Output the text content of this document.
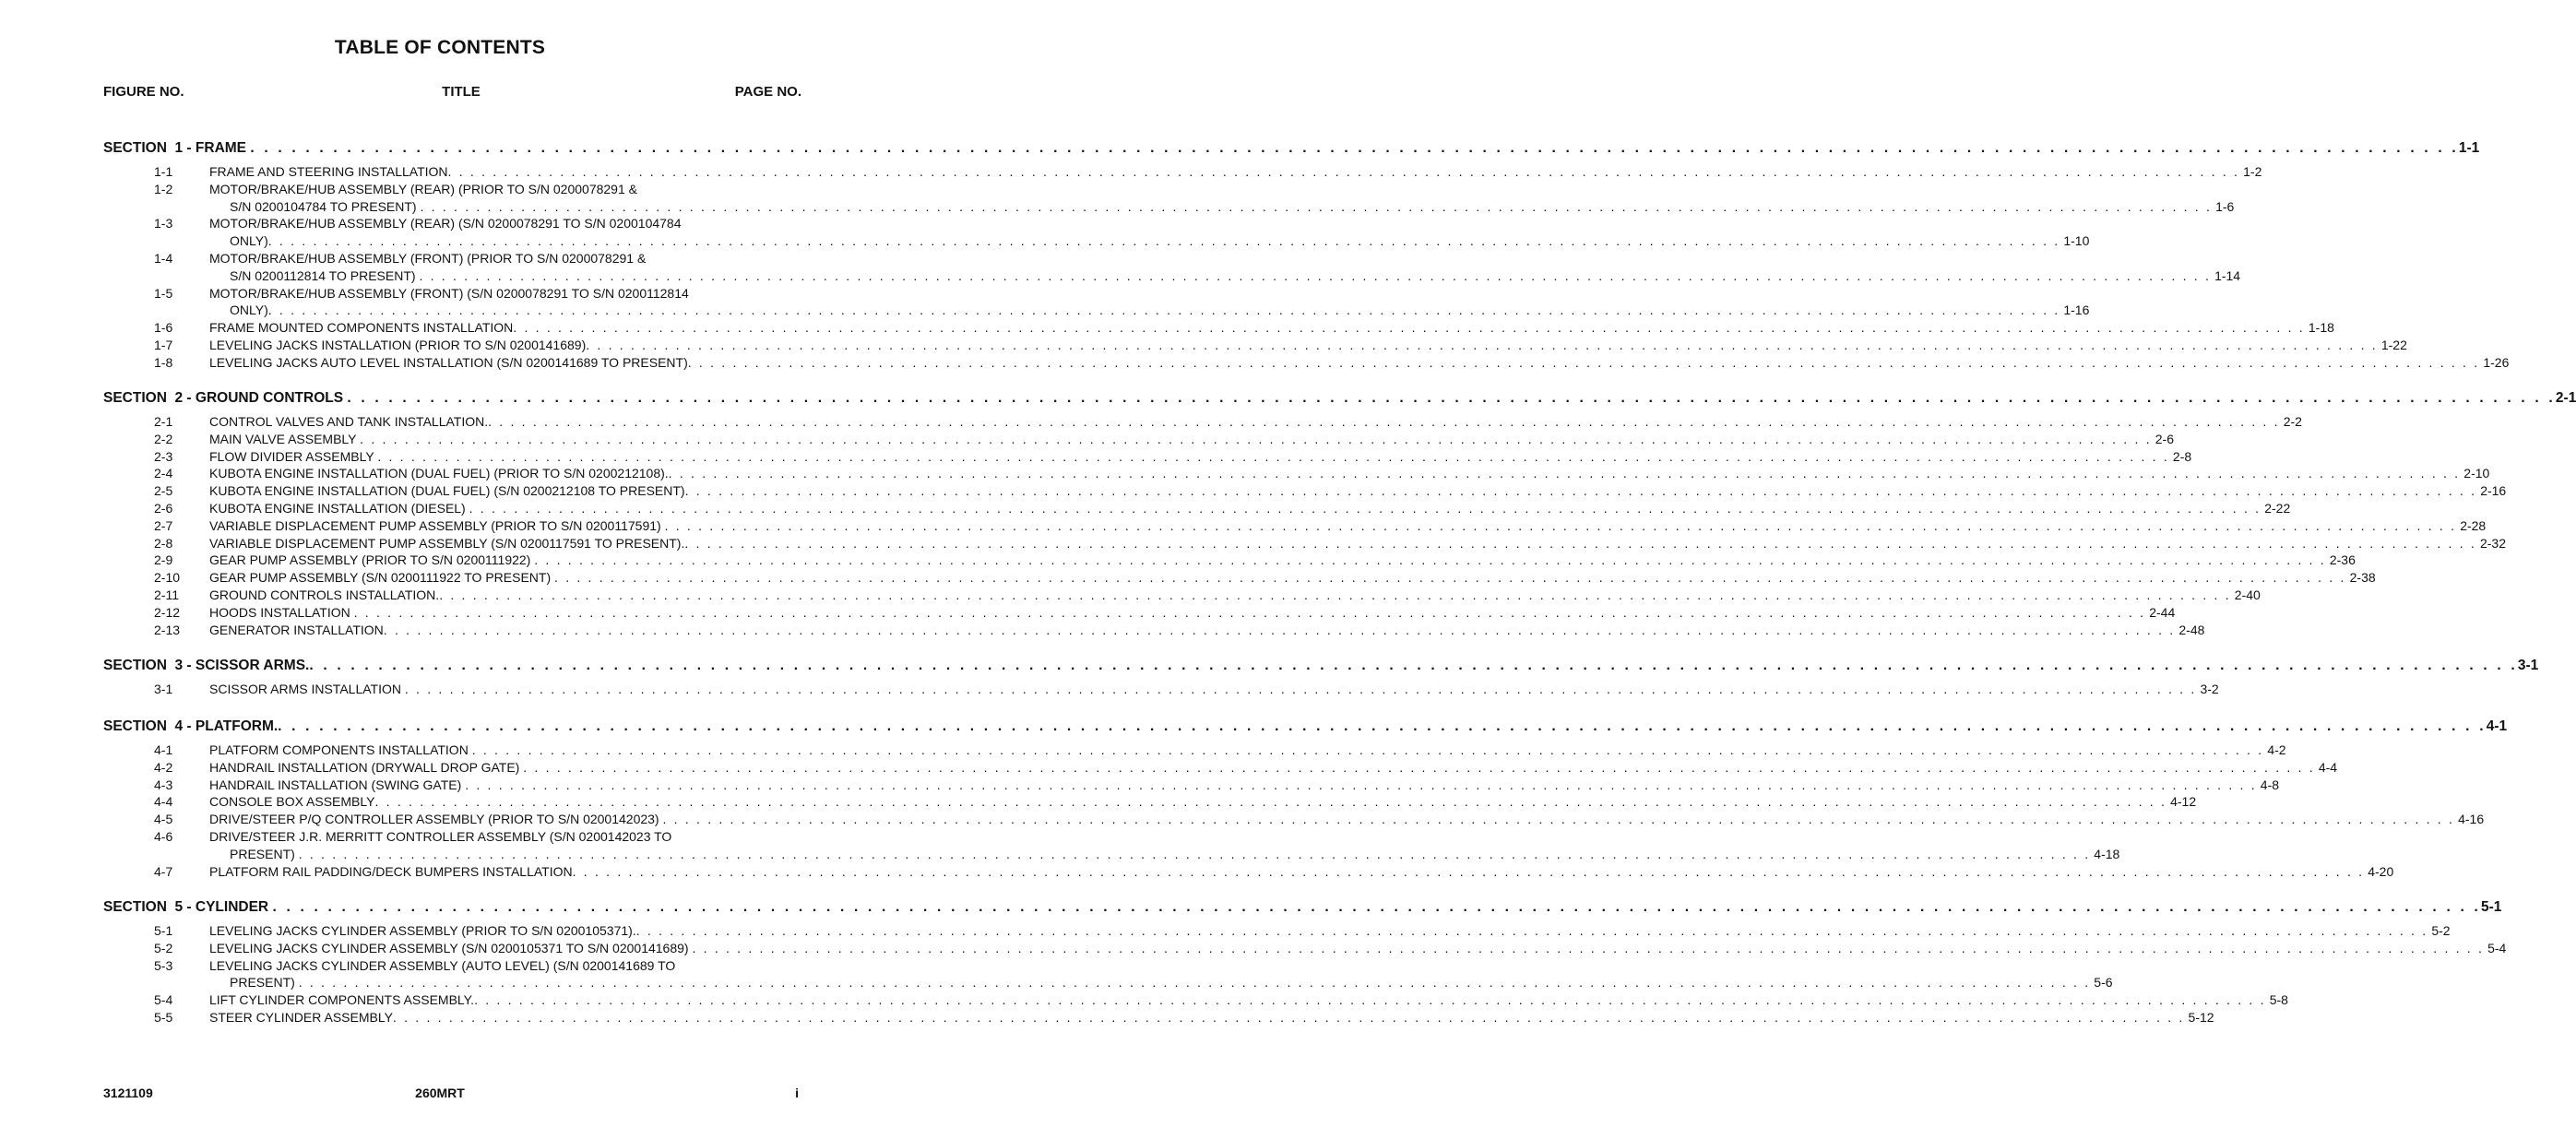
TABLE OF CONTENTS
FIGURE NO.	TITLE	PAGE NO.
SECTION  1 - FRAME . . . . . . . . . . . . . . . . . . . . . . . . . . . . . . . . . . . . . . . . . . . . . . . . . . . . . . . . . . . . . . . . . . . . . . . . . . . . . . . . . . . . . . . . . . . . . . . . . . . . . . . . . . . . . . . . . . . . . . . . . . . . . . . . . . . . . . . . . . . . . . . . . . . . . . . . . . . . . . . . 1-1
1-1	FRAME AND STEERING INSTALLATION . . . . . . . . . . . . . . . . . . . . . . . . . . . . . . . . . . . . . . . . . . . . . . . . . . . . . . . . . . . . . . . . . . . . . . . . . . . . . . . . . . . . . . . . . . . . . . . . . . . . . . . . . . . . . . . . . . . . . . . . . . . . . . . . . . . . . . . . . . . . . . . . . . . . . . . . . . . . . . . . 1-2
1-2	MOTOR/BRAKE/HUB ASSEMBLY (REAR) (PRIOR TO S/N 0200078291 &
S/N 0200104784 TO PRESENT) . . . . . . . . . . . . . . . . . . . . . . . . . . . . . . . . . . . . . . . . . . . . . . . . . . . . . . . . . . . . . . . . . . . . . . . . . . . . . . . . . . . . . . . . . . . . . . . . . . . . . . . . . . . . . . . . . . . . . . . . . . . . . . . . . . . . . . . . . . . . . . . . . . . . . . . . . . . . . . . . 1-6
1-3	MOTOR/BRAKE/HUB ASSEMBLY (REAR) (S/N 0200078291 TO S/N 0200104784
ONLY) . . . . . . . . . . . . . . . . . . . . . . . . . . . . . . . . . . . . . . . . . . . . . . . . . . . . . . . . . . . . . . . . . . . . . . . . . . . . . . . . . . . . . . . . . . . . . . . . . . . . . . . . . . . . . . . . . . . . . . . . . . . . . . . . . . . . . . . . . . . . . . . . . . . . . . . . . . . . . . . . 1-10
1-4	MOTOR/BRAKE/HUB ASSEMBLY (FRONT) (PRIOR TO S/N 0200078291 &
S/N 0200112814 TO PRESENT) . . . . . . . . . . . . . . . . . . . . . . . . . . . . . . . . . . . . . . . . . . . . . . . . . . . . . . . . . . . . . . . . . . . . . . . . . . . . . . . . . . . . . . . . . . . . . . . . . . . . . . . . . . . . . . . . . . . . . . . . . . . . . . . . . . . . . . . . . . . . . . . . . . . . . . . . . . . . . . . . 1-14
1-5	MOTOR/BRAKE/HUB ASSEMBLY (FRONT) (S/N 0200078291 TO S/N 0200112814
ONLY) . . . . . . . . . . . . . . . . . . . . . . . . . . . . . . . . . . . . . . . . . . . . . . . . . . . . . . . . . . . . . . . . . . . . . . . . . . . . . . . . . . . . . . . . . . . . . . . . . . . . . . . . . . . . . . . . . . . . . . . . . . . . . . . . . . . . . . . . . . . . . . . . . . . . . . . . . . . . . . . . 1-16
1-6	FRAME MOUNTED COMPONENTS INSTALLATION . . . . . . . . . . . . . . . . . . . . . . . . . . . . . . . . . . . . . . . . . . . . . . . . . . . . . . . . . . . . . . . . . . . . . . . . . . . . . . . . . . . . . . . . . . . . . . . . . . . . . . . . . . . . . . . . . . . . . . . . . . . . . . . . . . . . . . . . . . . . . . . . . . . . . . . . . . . . . . . . 1-18
1-7	LEVELING JACKS INSTALLATION (PRIOR TO S/N 0200141689) . . . . . . . . . . . . . . . . . . . . . . . . . . . . . . . . . . . . . . . . . . . . . . . . . . . . . . . . . . . . . . . . . . . . . . . . . . . . . . . . . . . . . . . . . . . . . . . . . . . . . . . . . . . . . . . . . . . . . . . . . . . . . . . . . . . . . . . . . . . . . . . . . . . . . . . . . . . . . . . . 1-22
1-8	LEVELING JACKS AUTO LEVEL INSTALLATION (S/N 0200141689 TO PRESENT) . . . . . . . . . . . . . . . . . . . . . . . . . . . . . . . . . . . . . . . . . . . . . . . . . . . . . . . . . . . . . . . . . . . . . . . . . . . . . . . . . . . . . . . . . . . . . . . . . . . . . . . . . . . . . . . . . . . . . . . . . . . . . . . . . . . . . . . . . . . . . . . . . . . . . . . . . . . . . . . . 1-26
SECTION  2 - GROUND CONTROLS . . . . . . . . . . . . . . . . . . . . . . . . . . . . . . . . . . . . . . . . . . . . . . . . . . . . . . . . . . . . . . . . . . . . . . . . . . . . . . . . . . . . . . . . . . . . . . . . . . . . . . . . . . . . . . . . . . . . . . . . . . . . . . . . . . . . . . . . . . . . . . . . . . . . . . . . . . . . . . . . 2-1
2-1	CONTROL VALVES AND TANK INSTALLATION. . . . . . . . . . . . . . . . . . . . . . . . . . . . . . . . . . . . . . . . . . . . . . . . . . . . . . . . . . . . . . . . . . . . . . . . . . . . . . . . . . . . . . . . . . . . . . . . . . . . . . . . . . . . . . . . . . . . . . . . . . . . . . . . . . . . . . . . . . . . . . . . . . . . . . . . . . . . . . . . . 2-2
2-2	MAIN VALVE ASSEMBLY . . . . . . . . . . . . . . . . . . . . . . . . . . . . . . . . . . . . . . . . . . . . . . . . . . . . . . . . . . . . . . . . . . . . . . . . . . . . . . . . . . . . . . . . . . . . . . . . . . . . . . . . . . . . . . . . . . . . . . . . . . . . . . . . . . . . . . . . . . . . . . . . . . . . . . . . . . . . . . . . 2-6
2-3	FLOW DIVIDER ASSEMBLY . . . . . . . . . . . . . . . . . . . . . . . . . . . . . . . . . . . . . . . . . . . . . . . . . . . . . . . . . . . . . . . . . . . . . . . . . . . . . . . . . . . . . . . . . . . . . . . . . . . . . . . . . . . . . . . . . . . . . . . . . . . . . . . . . . . . . . . . . . . . . . . . . . . . . . . . . . . . . . . . 2-8
2-4	KUBOTA ENGINE INSTALLATION (DUAL FUEL) (PRIOR TO S/N 0200212108). . . . . . . . . . . . . . . . . . . . . . . . . . . . . . . . . . . . . . . . . . . . . . . . . . . . . . . . . . . . . . . . . . . . . . . . . . . . . . . . . . . . . . . . . . . . . . . . . . . . . . . . . . . . . . . . . . . . . . . . . . . . . . . . . . . . . . . . . . . . . . . . . . . . . . . . . . . . . . . . . 2-10
2-5	KUBOTA ENGINE INSTALLATION (DUAL FUEL) (S/N 0200212108 TO PRESENT) . . . . . . . . . . . . . . . . . . . . . . . . . . . . . . . . . . . . . . . . . . . . . . . . . . . . . . . . . . . . . . . . . . . . . . . . . . . . . . . . . . . . . . . . . . . . . . . . . . . . . . . . . . . . . . . . . . . . . . . . . . . . . . . . . . . . . . . . . . . . . . . . . . . . . . . . . . . . . . . . 2-16
2-6	KUBOTA ENGINE INSTALLATION (DIESEL) . . . . . . . . . . . . . . . . . . . . . . . . . . . . . . . . . . . . . . . . . . . . . . . . . . . . . . . . . . . . . . . . . . . . . . . . . . . . . . . . . . . . . . . . . . . . . . . . . . . . . . . . . . . . . . . . . . . . . . . . . . . . . . . . . . . . . . . . . . . . . . . . . . . . . . . . . . . . . . . . 2-22
2-7	VARIABLE DISPLACEMENT PUMP ASSEMBLY (PRIOR TO S/N 0200117591) . . . . . . . . . . . . . . . . . . . . . . . . . . . . . . . . . . . . . . . . . . . . . . . . . . . . . . . . . . . . . . . . . . . . . . . . . . . . . . . . . . . . . . . . . . . . . . . . . . . . . . . . . . . . . . . . . . . . . . . . . . . . . . . . . . . . . . . . . . . . . . . . . . . . . . . . . . . . . . . . 2-28
2-8	VARIABLE DISPLACEMENT PUMP ASSEMBLY (S/N 0200117591 TO PRESENT). . . . . . . . . . . . . . . . . . . . . . . . . . . . . . . . . . . . . . . . . . . . . . . . . . . . . . . . . . . . . . . . . . . . . . . . . . . . . . . . . . . . . . . . . . . . . . . . . . . . . . . . . . . . . . . . . . . . . . . . . . . . . . . . . . . . . . . . . . . . . . . . . . . . . . . . . . . . . . . . . 2-32
2-9	GEAR PUMP ASSEMBLY (PRIOR TO S/N 0200111922) . . . . . . . . . . . . . . . . . . . . . . . . . . . . . . . . . . . . . . . . . . . . . . . . . . . . . . . . . . . . . . . . . . . . . . . . . . . . . . . . . . . . . . . . . . . . . . . . . . . . . . . . . . . . . . . . . . . . . . . . . . . . . . . . . . . . . . . . . . . . . . . . . . . . . . . . . . . . . . . . 2-36
2-10 GEAR PUMP ASSEMBLY (S/N 0200111922 TO PRESENT) . . . . . . . . . . . . . . . . . . . . . . . . . . . . . . . . . . . . . . . . . . . . . . . . . . . . . . . . . . . . . . . . . . . . . . . . . . . . . . . . . . . . . . . . . . . . . . . . . . . . . . . . . . . . . . . . . . . . . . . . . . . . . . . . . . . . . . . . . . . . . . . . . . . . . . . . . . . . . . . . 2-38
2-11 GROUND CONTROLS INSTALLATION. . . . . . . . . . . . . . . . . . . . . . . . . . . . . . . . . . . . . . . . . . . . . . . . . . . . . . . . . . . . . . . . . . . . . . . . . . . . . . . . . . . . . . . . . . . . . . . . . . . . . . . . . . . . . . . . . . . . . . . . . . . . . . . . . . . . . . . . . . . . . . . . . . . . . . . . . . . . . . . . . 2-40
2-12 HOODS INSTALLATION . . . . . . . . . . . . . . . . . . . . . . . . . . . . . . . . . . . . . . . . . . . . . . . . . . . . . . . . . . . . . . . . . . . . . . . . . . . . . . . . . . . . . . . . . . . . . . . . . . . . . . . . . . . . . . . . . . . . . . . . . . . . . . . . . . . . . . . . . . . . . . . . . . . . . . . . . . . . . . . . 2-44
2-13 GENERATOR INSTALLATION . . . . . . . . . . . . . . . . . . . . . . . . . . . . . . . . . . . . . . . . . . . . . . . . . . . . . . . . . . . . . . . . . . . . . . . . . . . . . . . . . . . . . . . . . . . . . . . . . . . . . . . . . . . . . . . . . . . . . . . . . . . . . . . . . . . . . . . . . . . . . . . . . . . . . . . . . . . . . . . . 2-48
SECTION  3 - SCISSOR ARMS. . . . . . . . . . . . . . . . . . . . . . . . . . . . . . . . . . . . . . . . . . . . . . . . . . . . . . . . . . . . . . . . . . . . . . . . . . . . . . . . . . . . . . . . . . . . . . . . . . . . . . . . . . . . . . . . . . . . . . . . . . . . . . . . . . . . . . . . . . . . . . . . . . . . . . . . . . . . . . . . . 3-1
3-1	SCISSOR ARMS INSTALLATION . . . . . . . . . . . . . . . . . . . . . . . . . . . . . . . . . . . . . . . . . . . . . . . . . . . . . . . . . . . . . . . . . . . . . . . . . . . . . . . . . . . . . . . . . . . . . . . . . . . . . . . . . . . . . . . . . . . . . . . . . . . . . . . . . . . . . . . . . . . . . . . . . . . . . . . . . . . . . . . . 3-2
SECTION  4 - PLATFORM. . . . . . . . . . . . . . . . . . . . . . . . . . . . . . . . . . . . . . . . . . . . . . . . . . . . . . . . . . . . . . . . . . . . . . . . . . . . . . . . . . . . . . . . . . . . . . . . . . . . . . . . . . . . . . . . . . . . . . . . . . . . . . . . . . . . . . . . . . . . . . . . . . . . . . . . . . . . . . . . . 4-1
4-1	PLATFORM COMPONENTS INSTALLATION . . . . . . . . . . . . . . . . . . . . . . . . . . . . . . . . . . . . . . . . . . . . . . . . . . . . . . . . . . . . . . . . . . . . . . . . . . . . . . . . . . . . . . . . . . . . . . . . . . . . . . . . . . . . . . . . . . . . . . . . . . . . . . . . . . . . . . . . . . . . . . . . . . . . . . . . . . . . . . . . 4-2
4-2	HANDRAIL INSTALLATION (DRYWALL DROP GATE) . . . . . . . . . . . . . . . . . . . . . . . . . . . . . . . . . . . . . . . . . . . . . . . . . . . . . . . . . . . . . . . . . . . . . . . . . . . . . . . . . . . . . . . . . . . . . . . . . . . . . . . . . . . . . . . . . . . . . . . . . . . . . . . . . . . . . . . . . . . . . . . . . . . . . . . . . . . . . . . . 4-4
4-3	HANDRAIL INSTALLATION (SWING GATE) . . . . . . . . . . . . . . . . . . . . . . . . . . . . . . . . . . . . . . . . . . . . . . . . . . . . . . . . . . . . . . . . . . . . . . . . . . . . . . . . . . . . . . . . . . . . . . . . . . . . . . . . . . . . . . . . . . . . . . . . . . . . . . . . . . . . . . . . . . . . . . . . . . . . . . . . . . . . . . . . 4-8
4-4	CONSOLE BOX ASSEMBLY . . . . . . . . . . . . . . . . . . . . . . . . . . . . . . . . . . . . . . . . . . . . . . . . . . . . . . . . . . . . . . . . . . . . . . . . . . . . . . . . . . . . . . . . . . . . . . . . . . . . . . . . . . . . . . . . . . . . . . . . . . . . . . . . . . . . . . . . . . . . . . . . . . . . . . . . . . . . . . . . 4-12
4-5	DRIVE/STEER P/Q CONTROLLER ASSEMBLY (PRIOR TO S/N 0200142023) . . . . . . . . . . . . . . . . . . . . . . . . . . . . . . . . . . . . . . . . . . . . . . . . . . . . . . . . . . . . . . . . . . . . . . . . . . . . . . . . . . . . . . . . . . . . . . . . . . . . . . . . . . . . . . . . . . . . . . . . . . . . . . . . . . . . . . . . . . . . . . . . . . . . . . . . . . . . . . . . 4-16
4-6	DRIVE/STEER J.R. MERRITT CONTROLLER ASSEMBLY (S/N 0200142023 TO
PRESENT) . . . . . . . . . . . . . . . . . . . . . . . . . . . . . . . . . . . . . . . . . . . . . . . . . . . . . . . . . . . . . . . . . . . . . . . . . . . . . . . . . . . . . . . . . . . . . . . . . . . . . . . . . . . . . . . . . . . . . . . . . . . . . . . . . . . . . . . . . . . . . . . . . . . . . . . . . . . . . . . . 4-18
4-7	PLATFORM RAIL PADDING/DECK BUMPERS INSTALLATION . . . . . . . . . . . . . . . . . . . . . . . . . . . . . . . . . . . . . . . . . . . . . . . . . . . . . . . . . . . . . . . . . . . . . . . . . . . . . . . . . . . . . . . . . . . . . . . . . . . . . . . . . . . . . . . . . . . . . . . . . . . . . . . . . . . . . . . . . . . . . . . . . . . . . . . . . . . . . . . . 4-20
SECTION  5 - CYLINDER . . . . . . . . . . . . . . . . . . . . . . . . . . . . . . . . . . . . . . . . . . . . . . . . . . . . . . . . . . . . . . . . . . . . . . . . . . . . . . . . . . . . . . . . . . . . . . . . . . . . . . . . . . . . . . . . . . . . . . . . . . . . . . . . . . . . . . . . . . . . . . . . . . . . . . . . . . . . . . . . 5-1
5-1	LEVELING JACKS CYLINDER ASSEMBLY (PRIOR TO S/N 0200105371). . . . . . . . . . . . . . . . . . . . . . . . . . . . . . . . . . . . . . . . . . . . . . . . . . . . . . . . . . . . . . . . . . . . . . . . . . . . . . . . . . . . . . . . . . . . . . . . . . . . . . . . . . . . . . . . . . . . . . . . . . . . . . . . . . . . . . . . . . . . . . . . . . . . . . . . . . . . . . . . . 5-2
5-2	LEVELING JACKS CYLINDER ASSEMBLY (S/N 0200105371 TO S/N 0200141689) . . . . . . . . . . . . . . . . . . . . . . . . . . . . . . . . . . . . . . . . . . . . . . . . . . . . . . . . . . . . . . . . . . . . . . . . . . . . . . . . . . . . . . . . . . . . . . . . . . . . . . . . . . . . . . . . . . . . . . . . . . . . . . . . . . . . . . . . . . . . . . . . . . . . . . . . . . . . . . . . 5-4
5-3	LEVELING JACKS CYLINDER ASSEMBLY (AUTO LEVEL) (S/N 0200141689 TO
PRESENT) . . . . . . . . . . . . . . . . . . . . . . . . . . . . . . . . . . . . . . . . . . . . . . . . . . . . . . . . . . . . . . . . . . . . . . . . . . . . . . . . . . . . . . . . . . . . . . . . . . . . . . . . . . . . . . . . . . . . . . . . . . . . . . . . . . . . . . . . . . . . . . . . . . . . . . . . . . . . . . . . 5-6
5-4	LIFT CYLINDER COMPONENTS ASSEMBLY. . . . . . . . . . . . . . . . . . . . . . . . . . . . . . . . . . . . . . . . . . . . . . . . . . . . . . . . . . . . . . . . . . . . . . . . . . . . . . . . . . . . . . . . . . . . . . . . . . . . . . . . . . . . . . . . . . . . . . . . . . . . . . . . . . . . . . . . . . . . . . . . . . . . . . . . . . . . . . . . . 5-8
5-5	STEER CYLINDER ASSEMBLY . . . . . . . . . . . . . . . . . . . . . . . . . . . . . . . . . . . . . . . . . . . . . . . . . . . . . . . . . . . . . . . . . . . . . . . . . . . . . . . . . . . . . . . . . . . . . . . . . . . . . . . . . . . . . . . . . . . . . . . . . . . . . . . . . . . . . . . . . . . . . . . . . . . . . . . . . . . . . . . . 5-12
3121109	260MRT	i
